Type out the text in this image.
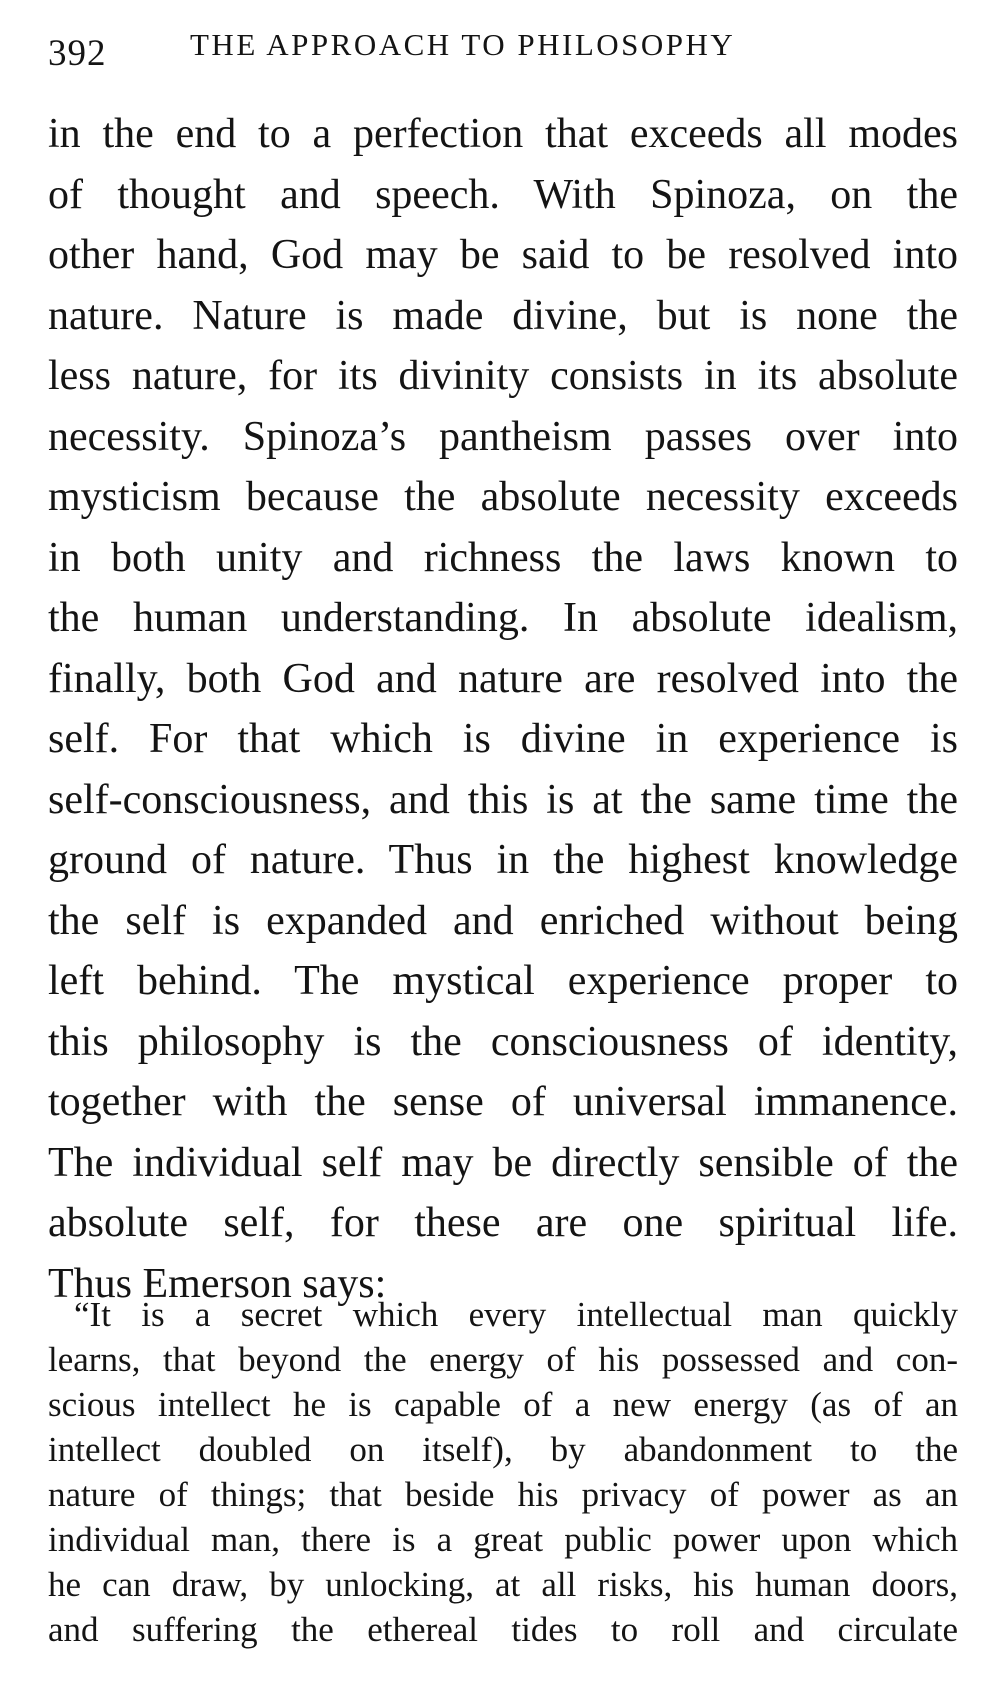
392	THE APPROACH TO PHILOSOPHY
in the end to a perfection that exceeds all modes
of thought and speech. With Spinoza, on the
other hand, God may be said to be resolved into
nature. Nature is made divine, but is none the
less nature, for its divinity consists in its absolute
necessity. Spinoza’s pantheism passes over into
mysticism because the absolute necessity exceeds
in both unity and richness the laws known to
the human understanding. In absolute idealism,
finally, both God and nature are resolved into the
self. For that which is divine in experience is
self-consciousness, and this is at the same time the
ground of nature. Thus in the highest knowledge
the self is expanded and enriched without being
left behind. The mystical experience proper to
this philosophy is the consciousness of identity,
together with the sense of universal immanence.
The individual self may be directly sensible of the
absolute self, for these are one spiritual life.
Thus Emerson says:
“It is a secret which every intellectual man quickly
learns, that beyond the energy of his possessed and con-
scious intellect he is capable of a new energy (as of an
intellect doubled on itself), by abandonment to the
nature of things; that beside his privacy of power as an
individual man, there is a great public power upon which
he can draw, by unlocking, at all risks, his human doors,
and suffering the ethereal tides to roll and circulate
